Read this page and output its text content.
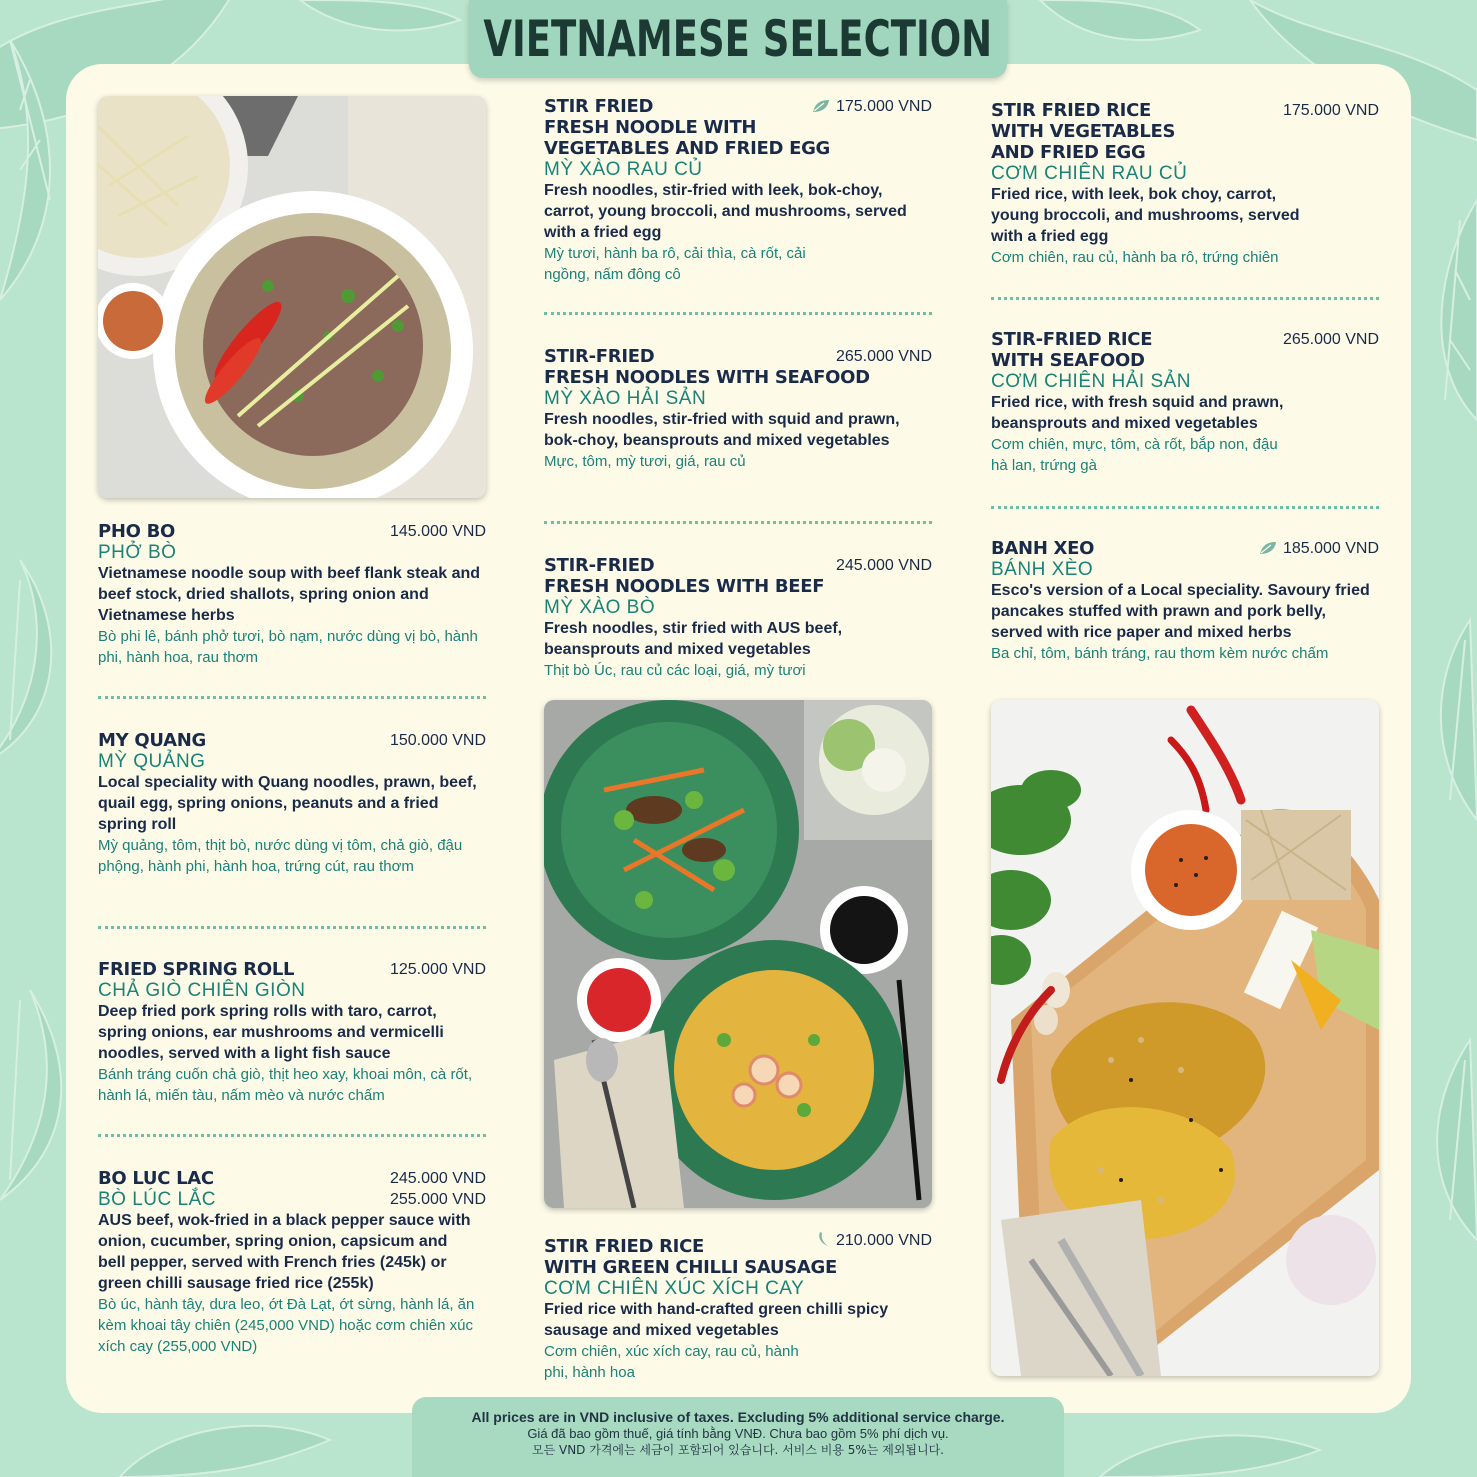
VIETNAMESE SELECTION
PHO BO	145.000 VND
PHỞ BÒ
Vietnamese noodle soup with beef flank steak and beef stock, dried shallots, spring onion and Vietnamese herbs
Bò phi lê, bánh phở tươi, bò nạm, nước dùng vị bò, hành phi, hành hoa, rau thơm
MY QUANG	150.000 VND
MỲ QUẢNG
Local speciality with Quang noodles, prawn, beef, quail egg, spring onions, peanuts and a fried spring roll
Mỳ quảng, tôm, thịt bò, nước dùng vị tôm, chả giò, đậu phộng, hành phi, hành hoa, trứng cút, rau thơm
FRIED SPRING ROLL	125.000 VND
CHẢ GIÒ CHIÊN GIÒN
Deep fried pork spring rolls with taro, carrot, spring onions, ear mushrooms and vermicelli noodles, served with a light fish sauce
Bánh tráng cuốn chả giò, thịt heo xay, khoai môn, cà rốt, hành lá, miến tàu, nấm mèo và nước chấm
BO LUC LAC	245.000 VND
255.000 VND
BÒ LÚC LẮC
AUS beef, wok-fried in a black pepper sauce with onion, cucumber, spring onion, capsicum and bell pepper, served with French fries (245k) or green chilli sausage fried rice (255k)
Bò úc, hành tây, dưa leo, ớt Đà Lạt, ớt sừng, hành lá, ăn kèm khoai tây chiên (245,000 VND) hoặc cơm chiên xúc xích cay (255,000 VND)
STIR FRIED
FRESH NOODLE WITH
VEGETABLES AND FRIED EGG
175.000 VND
MỲ XÀO RAU CỦ
Fresh noodles, stir-fried with leek, bok-choy, carrot, young broccoli, and mushrooms, served with a fried egg
Mỳ tươi, hành ba rô, cải thìa, cà rốt, cải ngồng, nấm đông cô
STIR-FRIED
FRESH NOODLES WITH SEAFOOD
265.000 VND
MỲ XÀO HẢI SẢN
Fresh noodles, stir-fried with squid and prawn, bok-choy, beansprouts and mixed vegetables
Mực, tôm, mỳ tươi, giá, rau củ
STIR-FRIED
FRESH NOODLES WITH BEEF
245.000 VND
MỲ XÀO BÒ
Fresh noodles, stir fried with AUS beef, beansprouts and mixed vegetables
Thịt bò Úc, rau củ các loại, giá, mỳ tươi
STIR FRIED RICE
WITH GREEN CHILLI SAUSAGE
210.000 VND
CƠM CHIÊN XÚC XÍCH CAY
Fried rice with hand-crafted green chilli spicy sausage and mixed vegetables
Cơm chiên, xúc xích cay, rau củ, hành phi, hành hoa
STIR FRIED RICE
WITH VEGETABLES
AND FRIED EGG
175.000 VND
CƠM CHIÊN RAU CỦ
Fried rice, with leek, bok choy, carrot, young broccoli, and mushrooms, served with a fried egg
Cơm chiên, rau củ, hành ba rô, trứng chiên
STIR-FRIED RICE
WITH SEAFOOD
265.000 VND
CƠM CHIÊN HẢI SẢN
Fried rice, with fresh squid and prawn, beansprouts and mixed vegetables
Cơm chiên, mực, tôm, cà rốt, bắp non, đậu hà lan, trứng gà
BANH XEO	185.000 VND
BÁNH XÈO
Esco's version of a Local speciality. Savoury fried pancakes stuffed with prawn and pork belly, served with rice paper and mixed herbs
Ba chỉ, tôm, bánh tráng, rau thơm kèm nước chấm
All prices are in VND inclusive of taxes. Excluding 5% additional service charge.
Giá đã bao gồm thuế, giá tính bằng VNĐ. Chưa bao gồm 5% phí dịch vụ.
모든 VND 가격에는 세금이 포함되어 있습니다. 서비스 비용 5%는 제외됩니다.
